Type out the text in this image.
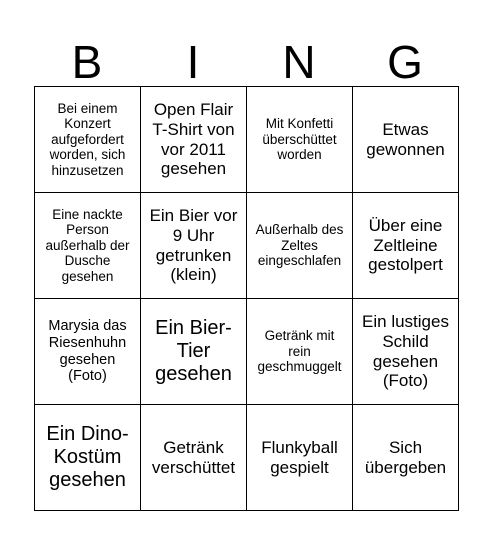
B	I	N	G
Bei einem Konzert aufgefordert worden, sich hinzusetzen	Open Flair T-Shirt von vor 2011 gesehen	Mit Konfetti überschüttet worden	Etwas gewonnen
Eine nackte Person außerhalb der Dusche gesehen	Ein Bier vor 9 Uhr getrunken (klein)	Außerhalb des Zeltes eingeschlafen	Über eine Zeltleine gestolpert
Marysia das Riesenhuhn gesehen (Foto)	Ein Bier-Tier gesehen	Getränk mit rein geschmuggelt	Ein lustiges Schild gesehen (Foto)
Ein Dino-Kostüm gesehen	Getränk verschüttet	Flunkyball gespielt	Sich übergeben
